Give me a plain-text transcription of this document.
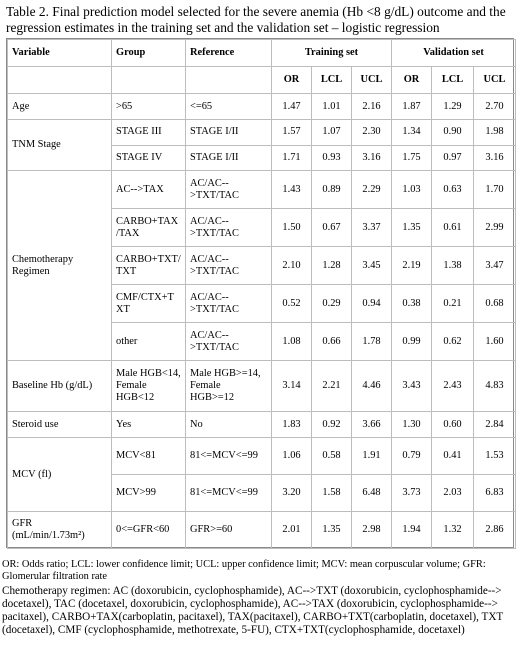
Table 2. Final prediction model selected for the severe anemia (Hb <8 g/dL) outcome and the regression estimates in the training set and the validation set – logistic regression
Variable	Group	Reference	Training set			Validation set		
			OR	LCL	UCL	OR	LCL	UCL
Age	>65	<=65	1.47	1.01	2.16	1.87	1.29	2.70
TNM Stage	STAGE III	STAGE I/II	1.57	1.07	2.30	1.34	0.90	1.98
	STAGE IV	STAGE I/II	1.71	0.93	3.16	1.75	0.97	3.16
Chemotherapy Regimen	AC-->TAX	AC/AC-->TXT/TAC	1.43	0.89	2.29	1.03	0.63	1.70
	CARBO+TAX /TAX	AC/AC-->TXT/TAC	1.50	0.67	3.37	1.35	0.61	2.99
	CARBO+TXT/ TXT	AC/AC-->TXT/TAC	2.10	1.28	3.45	2.19	1.38	3.47
	CMF/CTX+T XT	AC/AC-->TXT/TAC	0.52	0.29	0.94	0.38	0.21	0.68
	other	AC/AC-->TXT/TAC	1.08	0.66	1.78	0.99	0.62	1.60
Baseline Hb (g/dL)	Male HGB<14, Female HGB<12	Male HGB>=14, Female HGB>=12	3.14	2.21	4.46	3.43	2.43	4.83
Steroid use	Yes	No	1.83	0.92	3.66	1.30	0.60	2.84
MCV (fl)	MCV<81	81<=MCV<=99	1.06	0.58	1.91	0.79	0.41	1.53
	MCV>99	81<=MCV<=99	3.20	1.58	6.48	3.73	2.03	6.83
GFR (mL/min/1.73m²)	0<=GFR<60	GFR>=60	2.01	1.35	2.98	1.94	1.32	2.86
OR: Odds ratio; LCL: lower confidence limit; UCL: upper confidence limit; MCV: mean corpuscular volume; GFR: Glomerular filtration rate
Chemotherapy regimen: AC (doxorubicin, cyclophosphamide), AC-->TXT (doxorubicin, cyclophosphamide--> docetaxel), TAC (docetaxel, doxorubicin, cyclophosphamide), AC-->TAX (doxorubicin, cyclophosphamide--> pacitaxel), CARBO+TAX(carboplatin, pacitaxel), TAX(pacitaxel), CARBO+TXT(carboplatin, docetaxel), TXT (docetaxel), CMF (cyclophosphamide, methotrexate, 5-FU), CTX+TXT(cyclophosphamide, docetaxel)
